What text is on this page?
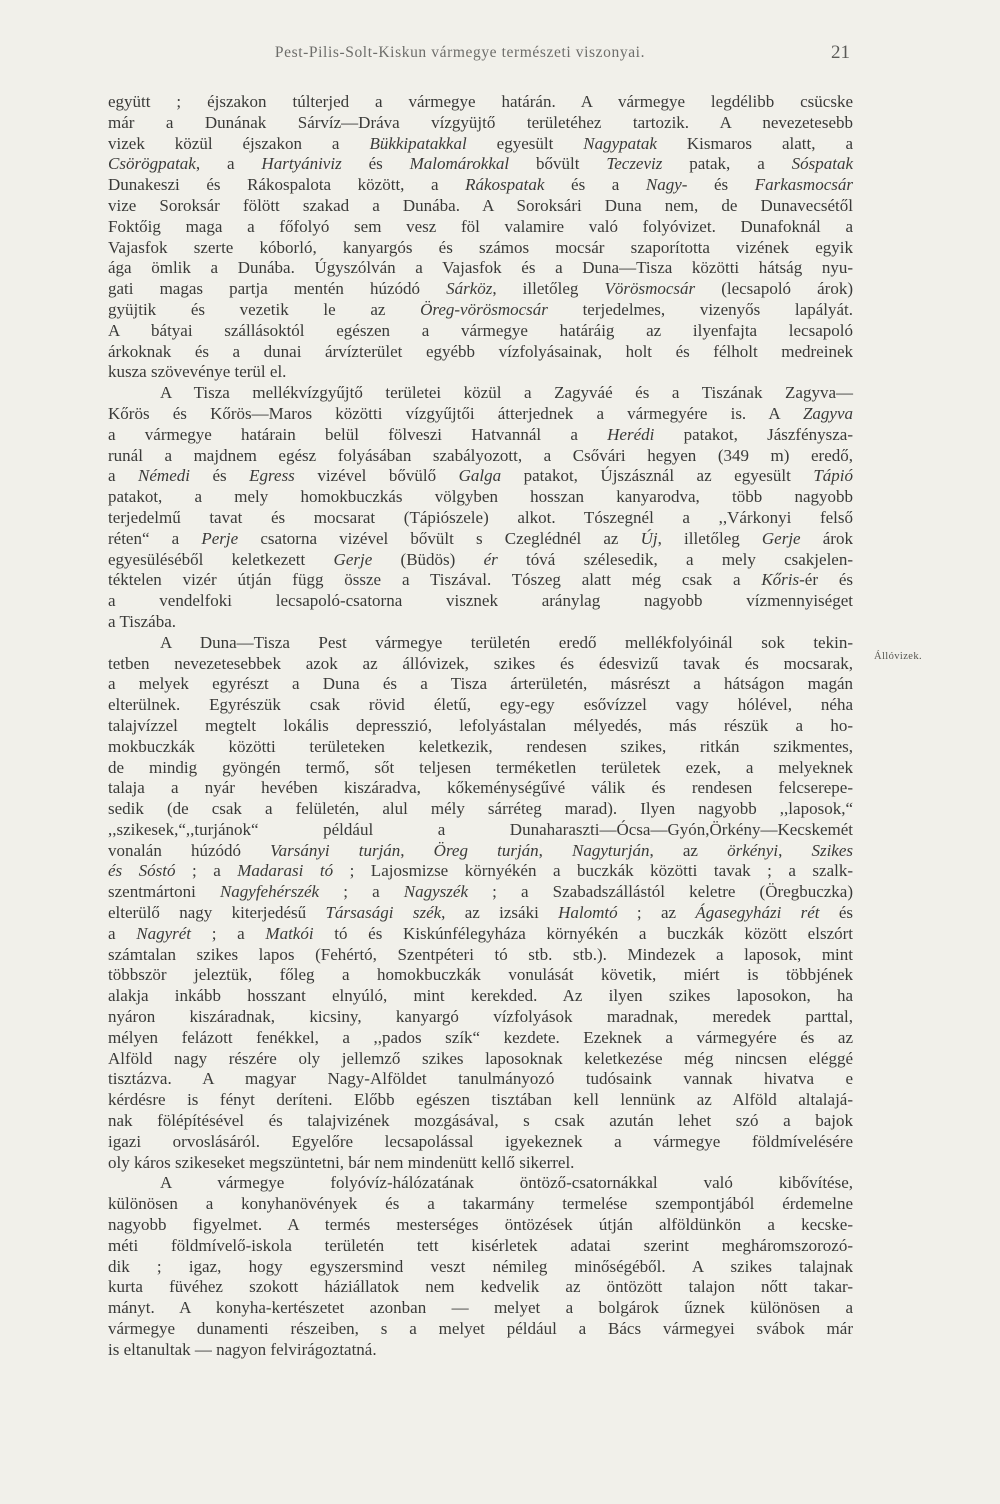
Pest-Pilis-Solt-Kiskun vármegye természeti viszonyai.	21
együtt ; éjszakon túlterjed a vármegye határán. A vármegye legdélibb csücske
már a Dunának Sárvíz—Dráva vízgyüjtő területéhez tartozik. A nevezetesebb
vizek közül éjszakon a Bükkipatakkal egyesült Nagypatak Kismaros alatt, a
Csörögpatak, a Hartyániviz és Malomárokkal bővült Teczeviz patak, a Sóspatak
Dunakeszi és Rákospalota között, a Rákospatak és a Nagy- és Farkasmocsár
vize Soroksár fölött szakad a Dunába. A Soroksári Duna nem, de Dunavecsétől
Foktőig maga a főfolyó sem vesz föl valamire való folyóvizet. Dunafoknál a
Vajasfok szerte kóborló, kanyargós és számos mocsár szaporította vizének egyik
ága ömlik a Dunába. Úgyszólván a Vajasfok és a Duna—Tisza közötti hátság nyu-
gati magas partja mentén húzódó Sárköz, illetőleg Vörösmocsár (lecsapoló árok)
gyüjtik és vezetik le az Öreg-vörösmocsár terjedelmes, vizenyős lapályát.
A bátyai szállásoktól egészen a vármegye határáig az ilyenfajta lecsapoló
árkoknak és a dunai árvízterület egyébb vízfolyásainak, holt és félholt medreinek
kusza szövevénye terül el.
A Tisza mellékvízgyűjtő területei közül a Zagyváé és a Tiszának Zagyva—
Kőrös és Kőrös—Maros közötti vízgyűjtői átterjednek a vármegyére is. A Zagyva
a vármegye határain belül fölveszi Hatvannál a Herédi patakot, Jászfénysza-
runál a majdnem egész folyásában szabályozott, a Csővári hegyen (349 m) eredő,
a Némedi és Egress vizével bővülő Galga patakot, Újszásznál az egyesült Tápió
patakot, a mely homokbuczkás völgyben hosszan kanyarodva, több nagyobb
terjedelmű tavat és mocsarat (Tápiószele) alkot. Tószegnél a ,,Várkonyi felső
réten“ a Perje csatorna vizével bővült s Czeglédnél az Új, illetőleg Gerje árok
egyesüléséből keletkezett Gerje (Büdös) ér tóvá szélesedik, a mely csakjelen-
téktelen vizér útján függ össze a Tiszával. Tószeg alatt még csak a Kőris-ér és
a vendelfoki lecsapoló-csatorna visznek aránylag nagyobb vízmennyiséget
a Tiszába.
A Duna—Tisza Pest vármegye területén eredő mellékfolyóinál sok tekin-
tetben nevezetesebbek azok az állóvizek, szikes és édesvizű tavak és mocsarak,
a melyek egyrészt a Duna és a Tisza árterületén, másrészt a hátságon magán
elterülnek. Egyrészük csak rövid életű, egy-egy esővízzel vagy hólével, néha
talajvízzel megtelt lokális depresszió, lefolyástalan mélyedés, más részük a ho-
mokbuczkák közötti területeken keletkezik, rendesen szikes, ritkán szikmentes,
de mindig gyöngén termő, sőt teljesen terméketlen területek ezek, a melyeknek
talaja a nyár hevében kiszáradva, kőkeménységűvé válik és rendesen felcserepe-
sedik (de csak a felületén, alul mély sárréteg marad). Ilyen nagyobb ,,laposok,“
,,szikesek,“,,turjánok“ például a Dunaharaszti—Ócsa—Gyón,Örkény—Kecskemét
vonalán húzódó Varsányi turján, Öreg turján, Nagyturján, az örkényi, Szikes
és Sóstó ; a Madarasi tó ; Lajosmizse környékén a buczkák közötti tavak ; a szalk-
szentmártoni Nagyfehérszék ; a Nagyszék ; a Szabadszállástól keletre (Öregbuczka)
elterülő nagy kiterjedésű Társasági szék, az izsáki Halomtó ; az Ágasegyházi rét és
a Nagyrét ; a Matkói tó és Kiskúnfélegyháza környékén a buczkák között elszórt
számtalan szikes lapos (Fehértó, Szentpéteri tó stb. stb.). Mindezek a laposok, mint
többször jeleztük, főleg a homokbuczkák vonulását követik, miért is többjének
alakja inkább hosszant elnyúló, mint kerekded. Az ilyen szikes laposokon, ha
nyáron kiszáradnak, kicsiny, kanyargó vízfolyások maradnak, meredek parttal,
mélyen felázott fenékkel, a ,,pados szík“ kezdete. Ezeknek a vármegyére és az
Alföld nagy részére oly jellemző szikes laposoknak keletkezése még nincsen eléggé
tisztázva. A magyar Nagy-Alföldet tanulmányozó tudósaink vannak hivatva e
kérdésre is fényt deríteni. Előbb egészen tisztában kell lennünk az Alföld altalajá-
nak fölépítésével és talajvizének mozgásával, s csak azután lehet szó a bajok
igazi orvoslásáról. Egyelőre lecsapolással igyekeznek a vármegye földmívelésére
oly káros szikeseket megszüntetni, bár nem mindenütt kellő sikerrel.
A vármegye folyóvíz-hálózatának öntöző-csatornákkal való kibővítése,
különösen a konyhanövények és a takarmány termelése szempontjából érdemelne
nagyobb figyelmet. A termés mesterséges öntözések útján alföldünkön a kecske-
méti földmívelő-iskola területén tett kisérletek adatai szerint megháromszorozó-
dik ; igaz, hogy egyszersmind veszt némileg minőségéből. A szikes talajnak
kurta füvéhez szokott háziállatok nem kedvelik az öntözött talajon nőtt takar-
mányt. A konyha-kertészetet azonban — melyet a bolgárok űznek különösen a
vármegye dunamenti részeiben, s a melyet például a Bács vármegyei svábok már
is eltanultak — nagyon felvirágoztatná.
Állóvizek.
